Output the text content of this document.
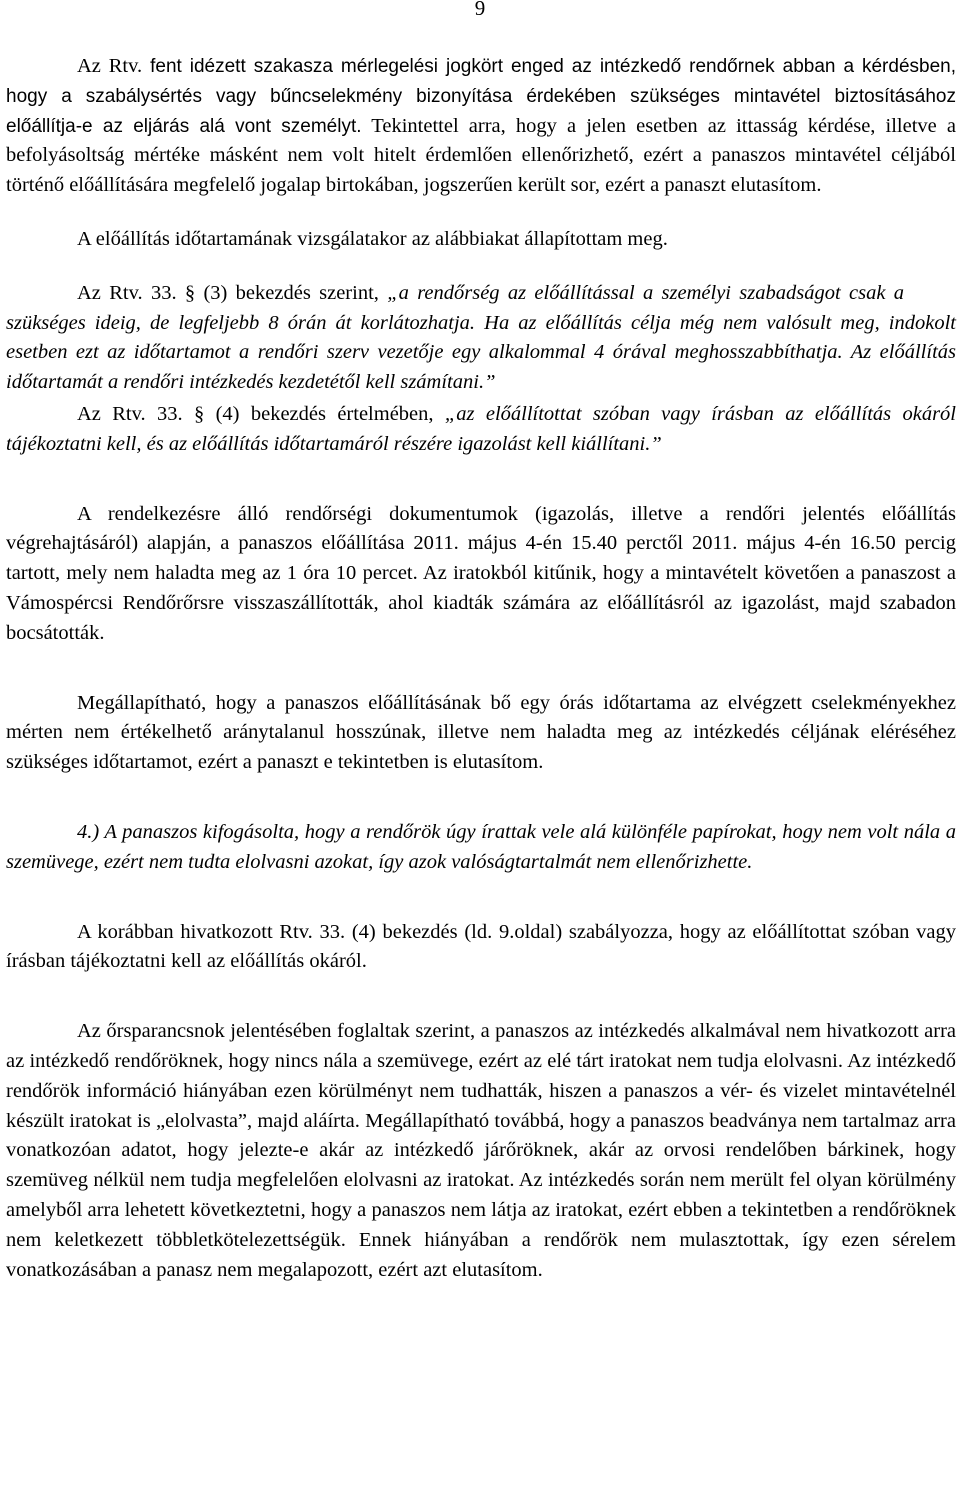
9

Az Rtv. fent idézett szakasza mérlegelési jogkört enged az intézkedő rendőrnek abban a kérdésben, hogy a szabálysértés vagy bűncselekmény bizonyítása érdekében szükséges mintavétel biztosításához előállítja-e az eljárás alá vont személyt. Tekintettel arra, hogy a jelen esetben az ittasság kérdése, illetve a befolyásoltság mértéke másként nem volt hitelt érdemlően ellenőrizhető, ezért a panaszos mintavétel céljából történő előállítására megfelelő jogalap birtokában, jogszerűen került sor, ezért a panaszt elutasítom.

A előállítás időtartamának vizsgálatakor az alábbiakat állapítottam meg.

Az Rtv. 33. § (3) bekezdés szerint, „a rendőrség az előállítással a személyi szabadságot csak aszükséges ideig, de legfeljebb 8 órán át korlátozhatja. Ha az előállítás célja még nem valósult meg, indokolt esetben ezt az időtartamot a rendőri szerv vezetője egy alkalommal 4 órával meghosszabbíthatja. Az előállítás időtartamát a rendőri intézkedés kezdetétől kell számítani.”

Az Rtv. 33. § (4) bekezdés értelmében, „az előállítottat szóban vagy írásban az előállítás okáról tájékoztatni kell, és az előállítás időtartamáról részére igazolást kell kiállítani.”

A rendelkezésre álló rendőrségi dokumentumok (igazolás, illetve a rendőri jelentés előállítás végrehajtásáról) alapján, a panaszos előállítása 2011. május 4-én 15.40 perctől 2011. május 4-én 16.50 percig tartott, mely nem haladta meg az 1 óra 10 percet. Az iratokból kitűnik, hogy a mintavételt követően a panaszost a Vámospércsi Rendőrőrsre visszaszállították, ahol kiadták számára az előállításról az igazolást, majd szabadon bocsátották.

Megállapítható, hogy a panaszos előállításának bő egy órás időtartama az elvégzett cselekményekhez mérten nem értékelhető aránytalanul hosszúnak, illetve nem haladta meg az intézkedés céljának eléréséhez szükséges időtartamot, ezért a panaszt e tekintetben is elutasítom.

4.) A panaszos kifogásolta, hogy a rendőrök úgy írattak vele alá különféle papírokat, hogy nem volt nála a szemüvege, ezért nem tudta elolvasni azokat, így azok valóságtartalmát nem ellenőrizhette.

A korábban hivatkozott Rtv. 33. (4) bekezdés (ld. 9.oldal) szabályozza, hogy az előállítottat szóban vagy írásban tájékoztatni kell az előállítás okáról.

Az őrsparancsnok jelentésében foglaltak szerint, a panaszos az intézkedés alkalmával nem hivatkozott arra az intézkedő rendőröknek, hogy nincs nála a szemüvege, ezért az elé tárt iratokat nem tudja elolvasni. Az intézkedő rendőrök információ hiányában ezen körülményt nem tudhatták, hiszen a panaszos a vér- és vizelet mintavételnél készült iratokat is „elolvasta”, majd aláírta. Megállapítható továbbá, hogy a panaszos beadványa nem tartalmaz arra vonatkozóan adatot, hogy jelezte-e akár az intézkedő járőröknek, akár az orvosi rendelőben bárkinek, hogy szemüveg nélkül nem tudja megfelelően elolvasni az iratokat. Az intézkedés során nem merült fel olyan körülmény amelyből arra lehetett következtetni, hogy a panaszos nem látja az iratokat, ezért ebben a tekintetben a rendőröknek nem keletkezett többletkötelezettségük. Ennek hiányában a rendőrök nem mulasztottak, így ezen sérelem vonatkozásában a panasz nem megalapozott, ezért azt elutasítom.
